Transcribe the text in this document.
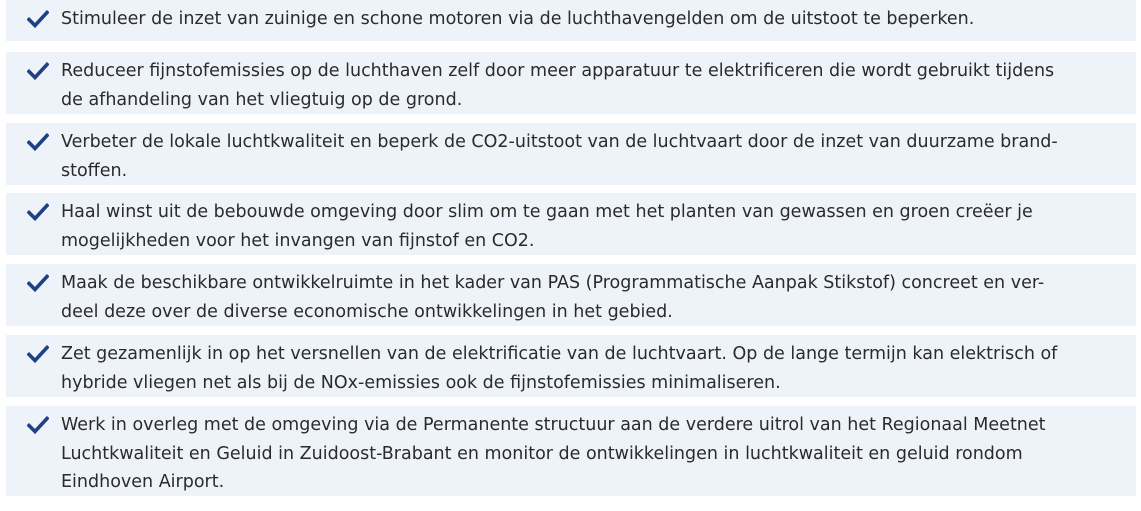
Stimuleer de inzet van zuinige en schone motoren via de luchthavengelden om de uitstoot te beperken.
Reduceer fijnstofemissies op de luchthaven zelf door meer apparatuur te elektrificeren die wordt gebruikt tijdens
de afhandeling van het vliegtuig op de grond.
Verbeter de lokale luchtkwaliteit en beperk de CO2-uitstoot van de luchtvaart door de inzet van duurzame brand-
stoffen.
Haal winst uit de bebouwde omgeving door slim om te gaan met het planten van gewassen en groen creëer je
mogelijkheden voor het invangen van fijnstof en CO2.
Maak de beschikbare ontwikkelruimte in het kader van PAS (Programmatische Aanpak Stikstof) concreet en ver-
deel deze over de diverse economische ontwikkelingen in het gebied.
Zet gezamenlijk in op het versnellen van de elektrificatie van de luchtvaart. Op de lange termijn kan elektrisch of
hybride vliegen net als bij de NOx-emissies ook de fijnstofemissies minimaliseren.
Werk in overleg met de omgeving via de Permanente structuur aan de verdere uitrol van het Regionaal Meetnet
Luchtkwaliteit en Geluid in Zuidoost-Brabant en monitor de ontwikkelingen in luchtkwaliteit en geluid rondom
Eindhoven Airport.
